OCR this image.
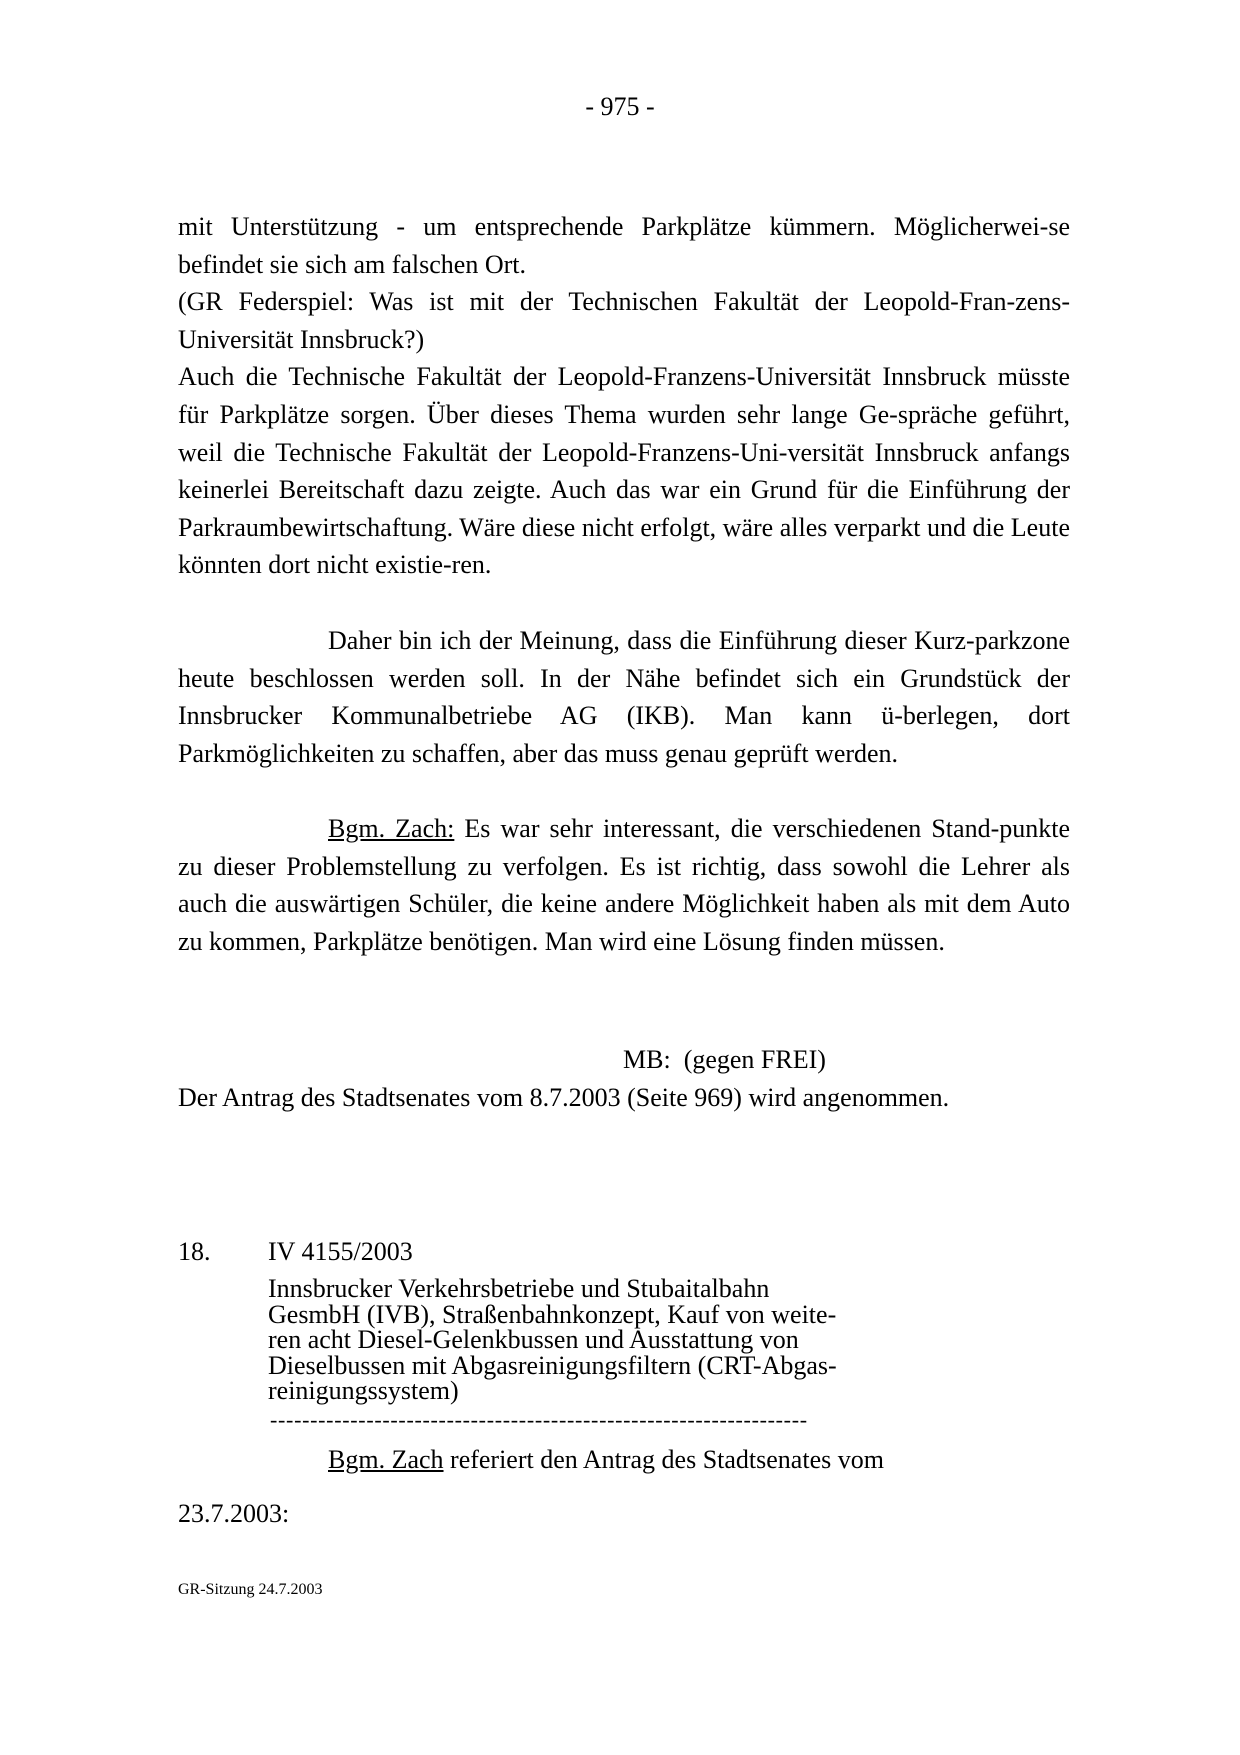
- 975 -

mit Unterstützung - um entsprechende Parkplätze kümmern. Möglicherwei-se befindet sie sich am falschen Ort.

(GR Federspiel: Was ist mit der Technischen Fakultät der Leopold-Fran-zens-Universität Innsbruck?)

Auch die Technische Fakultät der Leopold-Franzens-Universität Innsbruck müsste für Parkplätze sorgen. Über dieses Thema wurden sehr lange Ge-spräche geführt, weil die Technische Fakultät der Leopold-Franzens-Uni-versität Innsbruck anfangs keinerlei Bereitschaft dazu zeigte. Auch das war ein Grund für die Einführung der Parkraumbewirtschaftung. Wäre diese nicht erfolgt, wäre alles verparkt und die Leute könnten dort nicht existie-ren.

Daher bin ich der Meinung, dass die Einführung dieser Kurz-parkzone heute beschlossen werden soll. In der Nähe befindet sich ein Grundstück der Innsbrucker Kommunalbetriebe AG (IKB). Man kann ü-berlegen, dort Parkmöglichkeiten zu schaffen, aber das muss genau geprüft werden.
Bgm. Zach: Es war sehr interessant, die verschiedenen Stand-punkte zu dieser Problemstellung zu verfolgen. Es ist richtig, dass sowohl die Lehrer als auch die auswärtigen Schüler, die keine andere Möglichkeit haben als mit dem Auto zu kommen, Parkplätze benötigen. Man wird eine Lösung finden müssen.
MB: (gegen FREI)
Der Antrag des Stadtsenates vom 8.7.2003 (Seite 969) wird angenommen.
18. IV 4155/2003
Innsbrucker Verkehrsbetriebe und Stubaitalbahn
GesmbH (IVB), Straßenbahnkonzept, Kauf von weite-
ren acht Diesel-Gelenkbussen und Ausstattung von
Dieselbussen mit Abgasreinigungsfiltern (CRT-Abgas-
reinigungssystem)
-------------------------------------------------------------------
Bgm. Zach referiert den Antrag des Stadtsenates vom
23.7.2003:
GR-Sitzung 24.7.2003
